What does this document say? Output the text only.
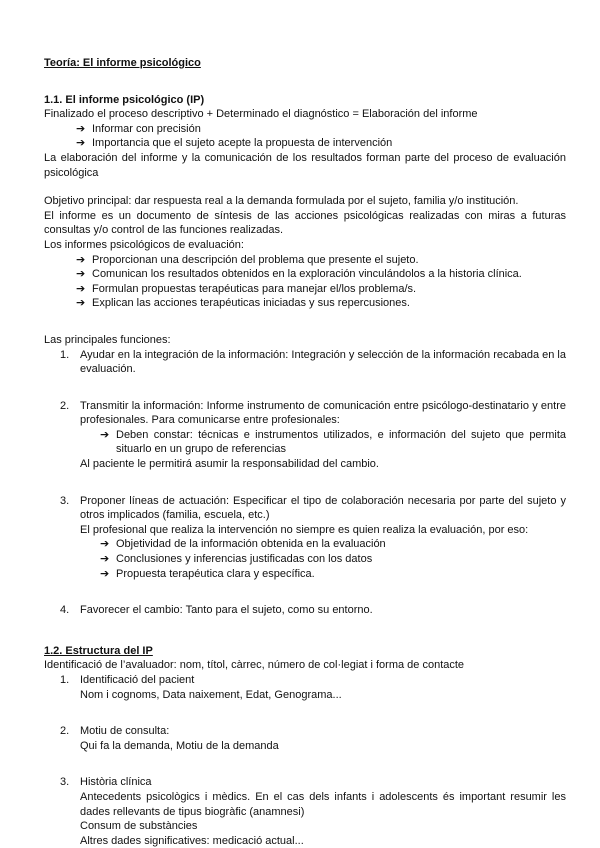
Teoría: El informe psicológico

1.1. El informe psicológico (IP)

Finalizado el proceso descriptivo + Determinado el diagnóstico = Elaboración del informe

➔ Informar con precisión
➔ Importancia que el sujeto acepte la propuesta de intervención

La elaboración del informe y la comunicación de los resultados forman parte del proceso de evaluación psicológica

Objetivo principal: dar respuesta real a la demanda formulada por el sujeto, familia y/o institución.

El informe es un documento de síntesis de las acciones psicológicas realizadas con miras a futuras consultas y/o control de las funciones realizadas.

Los informes psicológicos de evaluación:

➔ Proporcionan una descripción del problema que presente el sujeto.
➔ Comunican los resultados obtenidos en la exploración vinculándolos a la historia clínica.
➔ Formulan propuestas terapéuticas para manejar el/los problema/s.
➔ Explican las acciones terapéuticas iniciadas y sus repercusiones.

Las principales funciones:

1. Ayudar en la integración de la información: Integración y selección de la información recabada en la evaluación.

2. Transmitir la información: Informe instrumento de comunicación entre psicólogo-destinatario y entre profesionales. Para comunicarse entre profesionales:

➔ Deben constar: técnicas e instrumentos utilizados, e información del sujeto que permita situarlo en un grupo de referencias

Al paciente le permitirá asumir la responsabilidad del cambio.

3. Proponer líneas de actuación: Especificar el tipo de colaboración necesaria por parte del sujeto y otros implicados (familia, escuela, etc.)

El profesional que realiza la intervención no siempre es quien realiza la evaluación, por eso:

➔ Objetividad de la información obtenida en la evaluación
➔ Conclusiones y inferencias justificadas con los datos
➔ Propuesta terapéutica clara y específica.
4. Favorecer el cambio: Tanto para el sujeto, como su entorno.

1.2. Estructura del IP

Identificació de l’avaluador: nom, títol, càrrec, número de col·legiat i forma de contacte

1. Identificació del pacient

Nom i cognoms, Data naixement, Edat, Genograma...

2. Motiu de consulta:

Qui fa la demanda, Motiu de la demanda

3. Història clínica

Antecedents psicològics i mèdics. En el cas dels infants i adolescents és important resumir les dades rellevants de tipus biogràfic (anamnesi)

Consum de substàncies

Altres dades significatives: medicació actual...
